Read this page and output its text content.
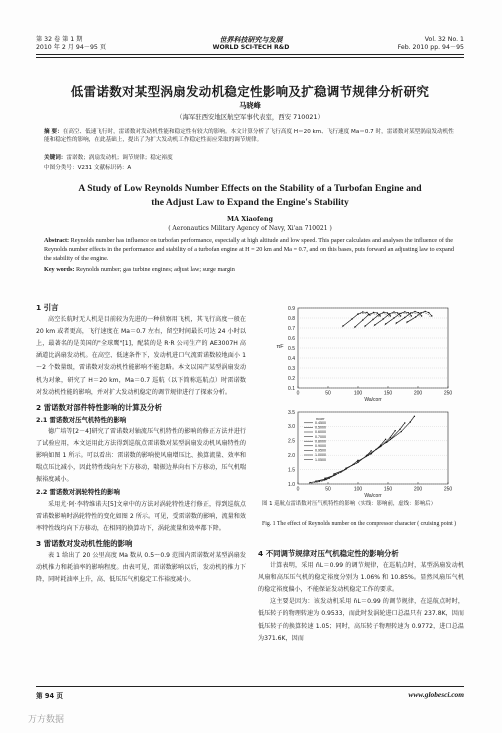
第 32 卷 第 1 期
2010 年 2 月 94－95 页
世界科技研究与发展
WORLD SCI-TECH R&D
Vol. 32 No. 1
Feb. 2010 pp. 94－95
低雷诺数对某型涡扇发动机稳定性影响及扩稳调节规律分析研究
马晓峰
（海军驻西安地区航空军事代表室，西安 710021）
摘 要：在高空、低速飞行时，雷诺数对发动机性能和稳定性有较大的影响。本文计算分析了飞行高度 H＝20 km、飞行速度 Ma＝0.7 时，雷诺数对某型涡扇发动机性能和稳定性的影响，在此基础上，提出了为扩大发动机工作稳定性而应采取的调节规律。
关键词：雷诺数；涡扇发动机；调节规律；稳定裕度
中图分类号：V231 文献标识码：A
A Study of Low Reynolds Number Effects on the Stability of a Turbofan Engine and
the Adjust Law to Expand the Engine's Stability
MA Xiaofeng
( Aeronautics Military Agency of Navy, Xi'an 710021 )
Abstract: Reynolds number has influence on turbofan performance, especially at high altitude and low speed. This paper calculates and analyses the influence of the Reynolds number effects in the performance and stability of a turbofan engine at H = 20 km and Ma = 0.7, and on this bases, puts forward an adjusting law to expand the stability of the engine.
Key words: Reynolds number; gas turbine engines; adjust law; surge margin
1 引言
高空长航时无人机是目前较为先进的一种侦察用飞机，其飞行高度一般在 20 km 或者更高，飞行速度在 Ma＝0.7 左右，留空时间最长可达 24 小时以上，最著名的是美国的"全球鹰"[1]，配装的是 R·R 公司生产的 AE3007H 高涵道比涡扇发动机。在高空、低速条件下，发动机进口气流雷诺数较地面小 1～2 个数量级，雷诺数对发动机性能影响不能忽略。本文以国产某型涡扇发动机为对象，研究了 H＝20 km，Ma＝0.7 巡航（以下简称巡航点）时雷诺数对发动机性能的影响，并对扩大发动机稳定的调节规律进行了探索分析。
2 雷诺数对部件特性影响的计算及分析
2.1 雷诺数对压气机特性的影响
德广培等[2－4]研究了雷诺数对轴流压气机特性的影响的修正方法并进行了试验应用，本文运用此方法得到巡航点雷诺数对某型涡扇发动机风扇特性的影响如图 1 所示。可以看出：雷诺数的影响使风扇增压比、换算流量、效率和喘点压比减小，因此特性线向左下方移动，喘振边界向右下方移动，压气机喘振裕度减小。
2.2 雷诺数对涡轮特性的影响
采用尤·阿·李特维诺夫[5]文章中的方法对涡轮特性进行修正，得到巡航点雷诺数影响时涡轮特性的变化如图 2 所示。可见，受雷诺数的影响，流量和效率特性线均向下方移动，在相同的换算功下，涡轮流量和效率都下降。
3 雷诺数对发动机性能的影响
表 1 给出了 20 公里高度 Ma 数从 0.5～0.9 范围内雷诺数对某型涡扇发动机推力和耗油率的影响程度。由表可见，雷诺数影响以后，发动机的推力下降，同时耗油率上升，高、低压压气机稳定工作裕度减小。
0.1
0.2
0.3
0.4
0.5
0.6
0.7
0.8
0.9
0	50	100	150	200	250
Wa/corr
πF
1.0
1.5
2.0
2.5
3.0
3.5
0	50	100	150	200	250
Wa/corr
ncorr
0.4500
0.5000
0.6000
0.7000
0.8000
0.9000
0.9500
1.0000
1.0500
图 1 巡航点雷诺数对压气机特性的影响（实线：影响前，虚线：影响后）
Fig. 1 The effect of Reynolds number on the compressor character ( cruising point )
4 不同调节规律对压气机稳定性的影响分析
计算表明，采用 n̄L＝0.99 的调节规律，在巡航点时，某型涡扇发动机风扇和高压压气机的稳定裕度分别为 1.06% 和 10.85%。显然风扇压气机的稳定裕度偏小，不能保证发动机稳定工作的要求。
这主要是因为：该发动机采用 n̄L＝0.99 的调节规律，在巡航点时时，低压转子的物理转速为 0.9533，而此时发涡轮进口总温只有 237.8K，因而低压转子的换算转速 1.05；同时，高压转子物理转速为 0.9772，进口总温为371.6K，因而
第 94 页	www.globesci.com
万方数据
